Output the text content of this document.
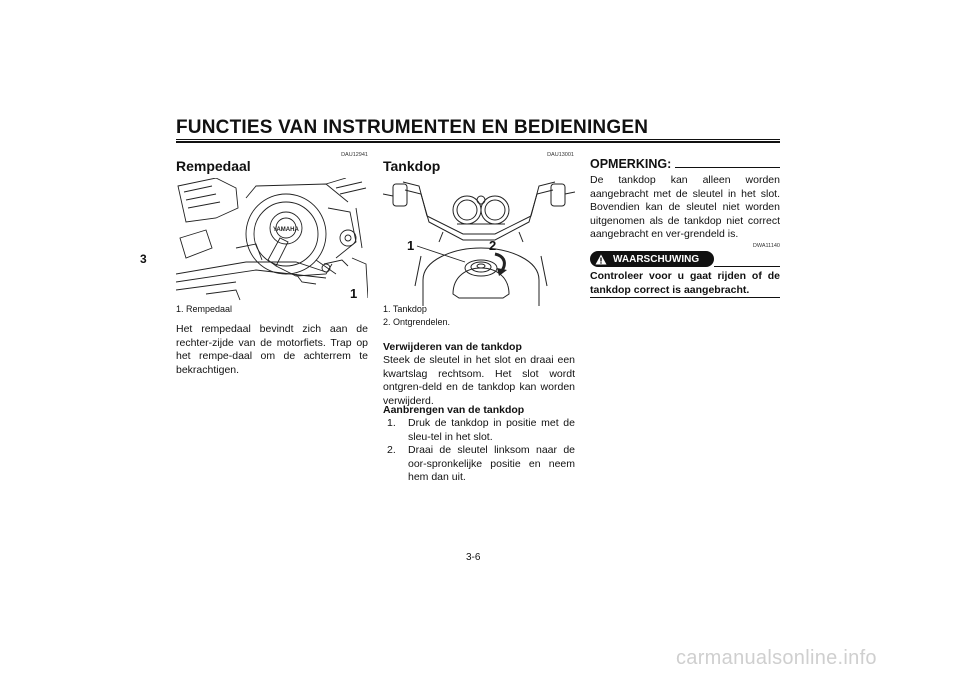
FUNCTIES VAN INSTRUMENTEN EN BEDIENINGEN
3
DAU12941
Rempedaal
YAMAHA
1
1. Rempedaal
Het rempedaal bevindt zich aan de rechter-zijde van de motorfiets. Trap op het rempe-daal om de achterrem te bekrachtigen.
DAU13001
Tankdop
1	2
1. Tankdop
2. Ontgrendelen.
Verwijderen van de tankdop
Steek de sleutel in het slot en draai een kwartslag rechtsom. Het slot wordt ontgren-deld en de tankdop kan worden verwijderd.
Aanbrengen van de tankdop
1.	Druk de tankdop in positie met de sleu-tel in het slot.
2.	Draai de sleutel linksom naar de oor-spronkelijke positie en neem hem dan uit.
OPMERKING:
De tankdop kan alleen worden aangebracht met de sleutel in het slot. Bovendien kan de sleutel niet worden uitgenomen als de tankdop niet correct aangebracht en ver-grendeld is.
DWA11140
WAARSCHUWING
Controleer voor u gaat rijden of de tankdop correct is aangebracht.
3-6
carmanualsonline.info
